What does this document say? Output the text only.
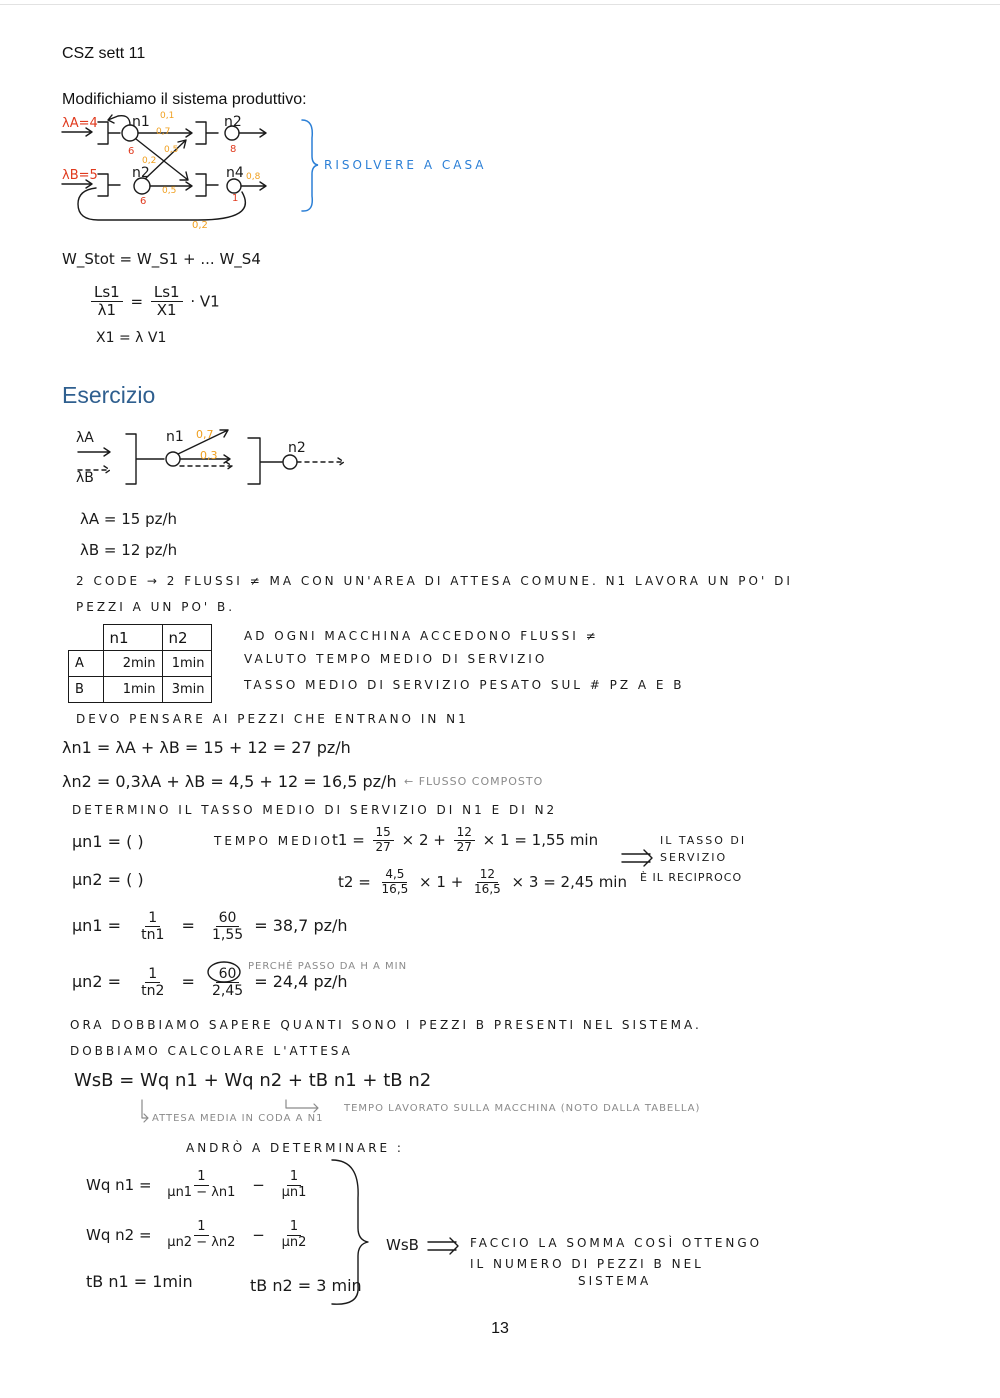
CSZ sett 11
Modifichiamo il sistema produttivo:
λA=4
λB=5
n1	n2
n2	n4
6	8
6	1
0,1
0,7
0,5
0,2
0,8
0,5
0,2
RISOLVERE A CASA
W_Stot = W_S1 + ... W_S4
$\frac{Ls1}{\lambda 1} = \frac{Ls1}{X1} \cdot V1$
X1 = λ V1
Esercizio
λA
λB
n1
n2
0,7
0,3
λA = 15 pz/h
λB = 12 pz/h
2 CODE → 2 FLUSSI ≠ MA CON UN'AREA DI ATTESA COMUNE. N1 LAVORA UN PO' DI
PEZZI A UN PO' B.
	n1	n2
A	2min	1min
B	1min	3min
AD OGNI MACCHINA ACCEDONO FLUSSI ≠
VALUTO TEMPO MEDIO DI SERVIZIO
TASSO MEDIO DI SERVIZIO PESATO SUL # PZ A E B
DEVO PENSARE AI PEZZI CHE ENTRANO IN N1
λn1 = λA + λB = 15 + 12 = 27 pz/h
λn2 = 0,3λA + λB = 4,5 + 12 = 16,5 pz/h ← FLUSSO COMPOSTO
DETERMINO IL TASSO MEDIO DI SERVIZIO DI N1 E DI N2
μn1 = ( )
μn2 = ( )
TEMPO MEDIO $t1 = \frac{15}{27} \times 2 + \frac{12}{27} \times 1 = 1,55$ min
$t2 = \frac{4,5}{16,5} \times 1 + \frac{12}{16,5} \times 3 = 2,45$ min
IL TASSO DI
SERVIZIO
È IL RECIPROCO
$\mu n1 = \frac{1}{tn1} = \frac{60}{1,55} = 38,7$ pz/h
$\mu n2 = \frac{1}{tn2} = \frac{60}{2,45} = 24,4$ pz/h
PERCHÉ PASSO DA H A MIN
ORA DOBBIAMO SAPERE QUANTI SONO I PEZZI B PRESENTI NEL SISTEMA.
DOBBIAMO CALCOLARE L'ATTESA
WsB = Wq n1 + Wq n2 + tB n1 + tB n2
ATTESA MEDIA IN CODA A N1
TEMPO LAVORATO SULLA MACCHINA (NOTO DALLA TABELLA)
ANDRÒ A DETERMINARE :
Wq $n1 = \frac{1}{\mu n1 - \lambda n1} - \frac{1}{\mu n1}$
Wq $n2 = \frac{1}{\mu n2 - \lambda n2} - \frac{1}{\mu n2}$
tB n1 = 1min	tB n2 = 3 min
WsB	FACCIO LA SOMMA COSÌ OTTENGO
IL NUMERO DI PEZZI B NEL
SISTEMA
13
